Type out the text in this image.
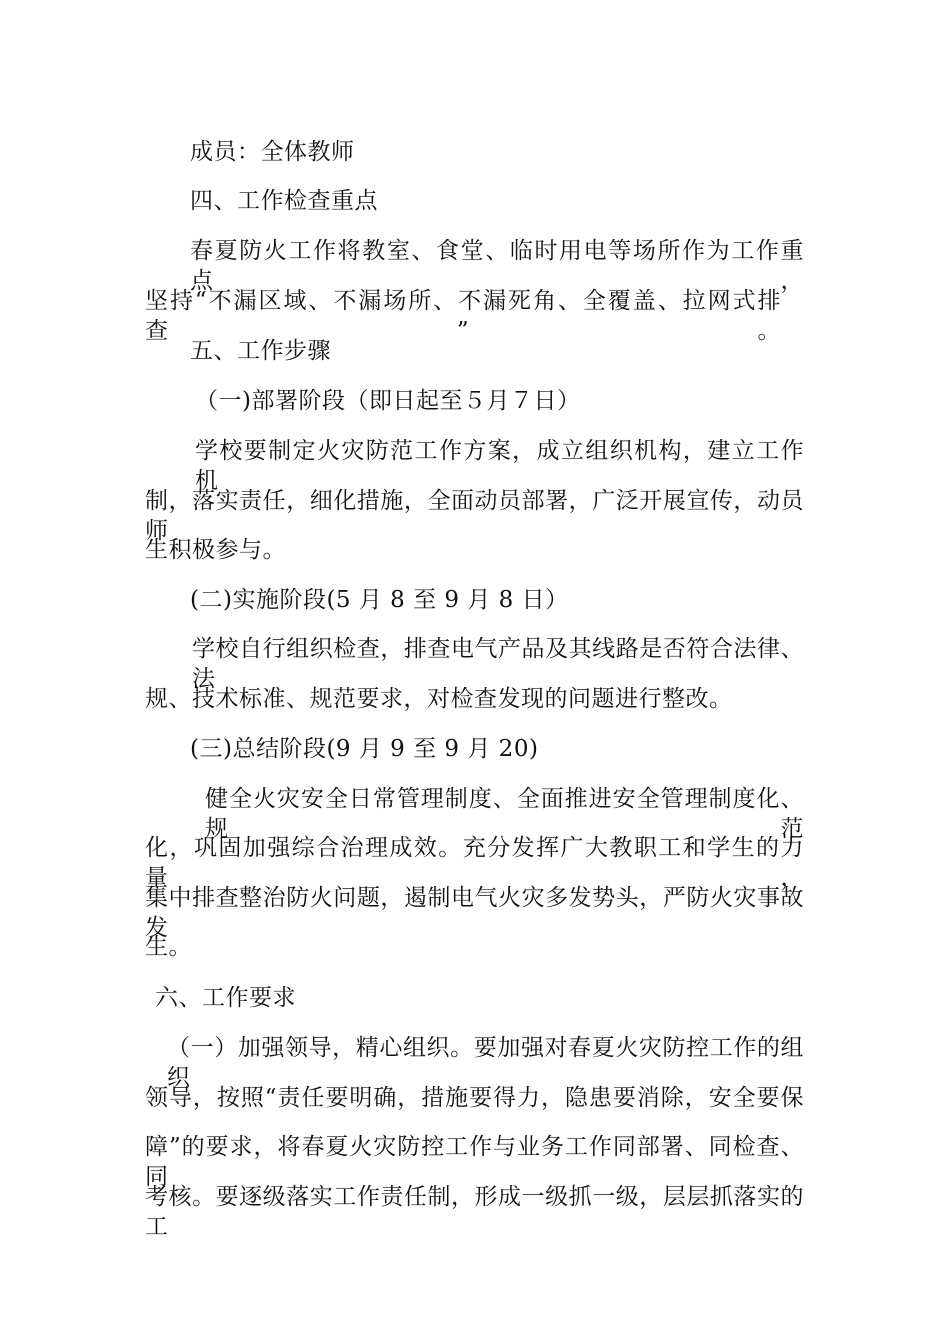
成员：全体教师
四、工作检查重点
春夏防火工作将教室、食堂、临时用电等场所作为工作重点，
坚持“不漏区域、不漏场所、不漏死角、全覆盖、拉网式排查”。
五、工作步骤
（一)部署阶段（即日起至５月７日）
学校要制定火灾防范工作方案，成立组织机构，建立工作机
制，落实责任，细化措施，全面动员部署，广泛开展宣传，动员师
生积极参与。
(二)实施阶段(5 月 8 至 9 月 8 日）
学校自行组织检查，排查电气产品及其线路是否符合法律、法
规、技术标准、规范要求，对检查发现的问题进行整改。
(三)总结阶段(9 月 9 至 9 月 20)
健全火灾安全日常管理制度、全面推进安全管理制度化、规范
化，巩固加强综合治理成效。充分发挥广大教职工和学生的力量，
集中排查整治防火问题，遏制电气火灾多发势头，严防火灾事故发
生。
六、工作要求
（一）加强领导，精心组织。要加强对春夏火灾防控工作的组织
领导，按照“责任要明确，措施要得力，隐患要消除，安全要保
障”的要求，将春夏火灾防控工作与业务工作同部署、同检查、同
考核。要逐级落实工作责任制，形成一级抓一级，层层抓落实的工
